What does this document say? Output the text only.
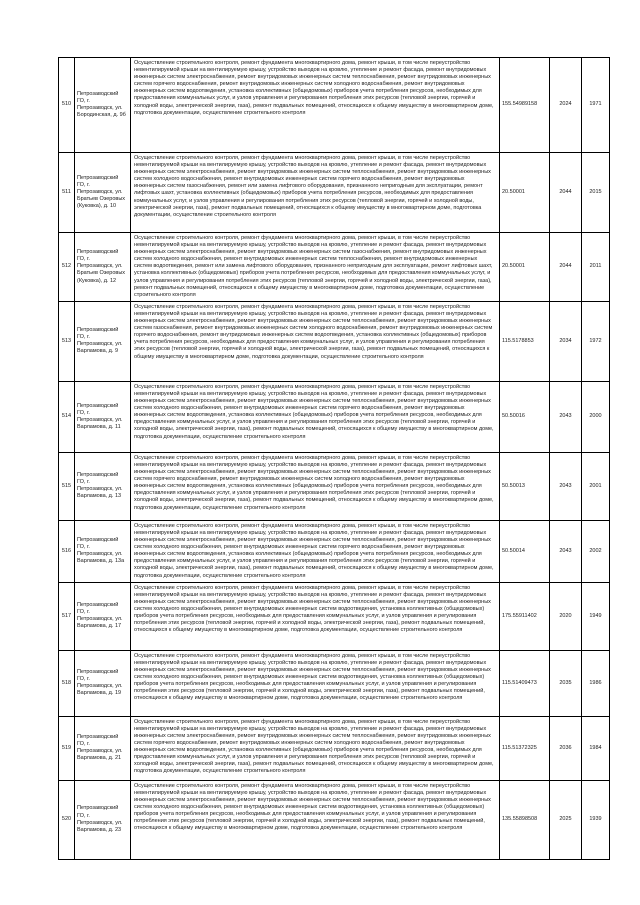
510	Петрозаводский ГО, г. Петрозаводск, ул. Бородинская, д. 9б	Осуществление строительного контроля, ремонт фундамента многоквартирного дома, ремонт крыши, в том числе переустройство невентилируемой крыши на вентилируемую крышу, устройство выходов на кровлю, утепление и ремонт фасада, ремонт внутридомовых инженерных систем электроснабжения, ремонт внутридомовых инженерных систем теплоснабжения, ремонт внутридомовых инженерных систем горячего водоснабжения, ремонт внутридомовых инженерных систем холодного водоснабжения, ремонт внутридомовых инженерных систем водоотведения, установка коллективных (общедомовых) приборов учета потребления ресурсов, необходимых для предоставления коммунальных услуг, и узлов управления и регулирования потребления этих ресурсов (тепловой энергии, горячей и холодной воды, электрической энергии, газа), ремонт подвальных помещений, относящихся к общему имуществу в многоквартирном доме, подготовка документации, осуществление строительного контроля	155.54989158	2024	1971
511	Петрозаводский ГО, г. Петрозаводск, ул. Братьев Озеровых (Куковка), д. 10	Осуществление строительного контроля, ремонт фундамента многоквартирного дома, ремонт крыши, в том числе переустройство невентилируемой крыши на вентилируемую крышу, устройство выходов на кровлю, утепление и ремонт фасада, ремонт внутридомовых инженерных систем электроснабжения, ремонт внутридомовых инженерных систем теплоснабжения, ремонт внутридомовых инженерных систем холодного водоснабжения, ремонт внутридомовых инженерных систем горячего водоснабжения, ремонт внутридомовых инженерных систем газоснабжения, ремонт или замена лифтового оборудования, признанного непригодным для эксплуатации, ремонт лифтовых шахт, установка коллективных (общедомовых) приборов учета потребления ресурсов, необходимых для предоставления коммунальных услуг, и узлов управления и регулирования потребления этих ресурсов (тепловой энергии, горячей и холодной воды, электрической энергии, газа), ремонт подвальных помещений, относящихся к общему имуществу в многоквартирном доме, подготовка документации, осуществление строительного контроля	20.50001	2044	2015
512	Петрозаводский ГО, г. Петрозаводск, ул. Братьев Озеровых (Куковка), д. 12	Осуществление строительного контроля, ремонт фундамента многоквартирного дома, ремонт крыши, в том числе переустройство невентилируемой крыши на вентилируемую крышу, устройство выходов на кровлю, утепление и ремонт фасада, ремонт внутридомовых инженерных систем электроснабжения, ремонт внутридомовых инженерных систем газоснабжения, ремонт внутридомовых инженерных систем холодного водоснабжения, ремонт внутридомовых инженерных систем теплоснабжения, ремонт внутридомовых инженерных систем водоотведения, ремонт или замена лифтового оборудования, признанного непригодным для эксплуатации, ремонт лифтовых шахт, установка коллективных (общедомовых) приборов учета потребления ресурсов, необходимых для предоставления коммунальных услуг, и узлов управления и регулирования потребления этих ресурсов (тепловой энергии, горячей и холодной воды, электрической энергии, газа), ремонт подвальных помещений, относящихся к общему имуществу в многоквартирном доме, подготовка документации, осуществление строительного контроля	20.50001	2044	2011
513	Петрозаводский ГО, г. Петрозаводск, ул. Варламова, д. 9	Осуществление строительного контроля, ремонт фундамента многоквартирного дома, ремонт крыши, в том числе переустройство невентилируемой крыши на вентилируемую крышу, устройство выходов на кровлю, утепление и ремонт фасада, ремонт внутридомовых инженерных систем электроснабжения, ремонт внутридомовых инженерных систем теплоснабжения, ремонт внутридомовых инженерных систем газоснабжения, ремонт внутридомовых инженерных систем холодного водоснабжения, ремонт внутридомовых инженерных систем горячего водоснабжения, ремонт внутридомовых инженерных систем водоотведения, установка коллективных (общедомовых) приборов учета потребления ресурсов, необходимых для предоставления коммунальных услуг, и узлов управления и регулирования потребления этих ресурсов (тепловой энергии, горячей и холодной воды, электрической энергии, газа), ремонт подвальных помещений, относящихся к общему имуществу в многоквартирном доме, подготовка документации, осуществление строительного контроля	115.5178853	2034	1972
514	Петрозаводский ГО, г. Петрозаводск, ул. Варламова, д. 11	Осуществление строительного контроля, ремонт фундамента многоквартирного дома, ремонт крыши, в том числе переустройство невентилируемой крыши на вентилируемую крышу, устройство выходов на кровлю, утепление и ремонт фасада, ремонт внутридомовых инженерных систем электроснабжения, ремонт внутридомовых инженерных систем теплоснабжения, ремонт внутридомовых инженерных систем холодного водоснабжения, ремонт внутридомовых инженерных систем горячего водоснабжения, ремонт внутридомовых инженерных систем водоотведения, установка коллективных (общедомовых) приборов учета потребления ресурсов, необходимых для предоставления коммунальных услуг, и узлов управления и регулирования потребления этих ресурсов (тепловой энергии, горячей и холодной воды, электрической энергии, газа), ремонт подвальных помещений, относящихся к общему имуществу в многоквартирном доме, подготовка документации, осуществление строительного контроля	50.50016	2043	2000
515	Петрозаводский ГО, г. Петрозаводск, ул. Варламова, д. 13	Осуществление строительного контроля, ремонт фундамента многоквартирного дома, ремонт крыши, в том числе переустройство невентилируемой крыши на вентилируемую крышу, устройство выходов на кровлю, утепление и ремонт фасада, ремонт внутридомовых инженерных систем электроснабжения, ремонт внутридомовых инженерных систем теплоснабжения, ремонт внутридомовых инженерных систем горячего водоснабжения, ремонт внутридомовых инженерных систем холодного водоснабжения, ремонт внутридомовых инженерных систем водоотведения, установка коллективных (общедомовых) приборов учета потребления ресурсов, необходимых для предоставления коммунальных услуг, и узлов управления и регулирования потребления этих ресурсов (тепловой энергии, горячей и холодной воды, электрической энергии, газа), ремонт подвальных помещений, относящихся к общему имуществу в многоквартирном доме, подготовка документации, осуществление строительного контроля	50.50013	2043	2001
516	Петрозаводский ГО, г. Петрозаводск, ул. Варламова, д. 13а	Осуществление строительного контроля, ремонт фундамента многоквартирного дома, ремонт крыши, в том числе переустройство невентилируемой крыши на вентилируемую крышу, устройство выходов на кровлю, утепление и ремонт фасада, ремонт внутридомовых инженерных систем электроснабжения, ремонт внутридомовых инженерных систем теплоснабжения, ремонт внутридомовых инженерных систем холодного водоснабжения, ремонт внутридомовых инженерных систем горячего водоснабжения, ремонт внутридомовых инженерных систем водоотведения, установка коллективных (общедомовых) приборов учета потребления ресурсов, необходимых для предоставления коммунальных услуг, и узлов управления и регулирования потребления этих ресурсов (тепловой энергии, горячей и холодной воды, электрической энергии, газа), ремонт подвальных помещений, относящихся к общему имуществу в многоквартирном доме, подготовка документации, осуществление строительного контроля	50.50014	2043	2002
517	Петрозаводский ГО, г. Петрозаводск, ул. Варламова, д. 17	Осуществление строительного контроля, ремонт фундамента многоквартирного дома, ремонт крыши, в том числе переустройство невентилируемой крыши на вентилируемую крышу, устройство выходов на кровлю, утепление и ремонт фасада, ремонт внутридомовых инженерных систем электроснабжения, ремонт внутридомовых инженерных систем теплоснабжения, ремонт внутридомовых инженерных систем холодного водоснабжения, ремонт внутридомовых инженерных систем водоотведения, установка коллективных (общедомовых) приборов учета потребления ресурсов, необходимых для предоставления коммунальных услуг, и узлов управления и регулирования потребления этих ресурсов (тепловой энергии, горячей и холодной воды, электрической энергии, газа), ремонт подвальных помещений, относящихся к общему имуществу в многоквартирном доме, подготовка документации, осуществление строительного контроля	175.55911402	2020	1949
518	Петрозаводский ГО, г. Петрозаводск, ул. Варламова, д. 19	Осуществление строительного контроля, ремонт фундамента многоквартирного дома, ремонт крыши, в том числе переустройство невентилируемой крыши на вентилируемую крышу, устройство выходов на кровлю, утепление и ремонт фасада, ремонт внутридомовых инженерных систем электроснабжения, ремонт внутридомовых инженерных систем теплоснабжения, ремонт внутридомовых инженерных систем холодного водоснабжения, ремонт внутридомовых инженерных систем водоотведения, установка коллективных (общедомовых) приборов учета потребления ресурсов, необходимых для предоставления коммунальных услуг, и узлов управления и регулирования потребления этих ресурсов (тепловой энергии, горячей и холодной воды, электрической энергии, газа), ремонт подвальных помещений, относящихся к общему имуществу в многоквартирном доме, подготовка документации, осуществление строительного контроля	115.51409473	2035	1986
519	Петрозаводский ГО, г. Петрозаводск, ул. Варламова, д. 21	Осуществление строительного контроля, ремонт фундамента многоквартирного дома, ремонт крыши, в том числе переустройство невентилируемой крыши на вентилируемую крышу, устройство выходов на кровлю, утепление и ремонт фасада, ремонт внутридомовых инженерных систем электроснабжения, ремонт внутридомовых инженерных систем теплоснабжения, ремонт внутридомовых инженерных систем горячего водоснабжения, ремонт внутридомовых инженерных систем холодного водоснабжения, ремонт внутридомовых инженерных систем водоотведения, установка коллективных (общедомовых) приборов учета потребления ресурсов, необходимых для предоставления коммунальных услуг, и узлов управления и регулирования потребления этих ресурсов (тепловой энергии, горячей и холодной воды, электрической энергии, газа), ремонт подвальных помещений, относящихся к общему имуществу в многоквартирном доме, подготовка документации, осуществление строительного контроля	115.51372325	2036	1984
520	Петрозаводский ГО, г. Петрозаводск, ул. Варламова, д. 23	Осуществление строительного контроля, ремонт фундамента многоквартирного дома, ремонт крыши, в том числе переустройство невентилируемой крыши на вентилируемую крышу, устройство выходов на кровлю, утепление и ремонт фасада, ремонт внутридомовых инженерных систем электроснабжения, ремонт внутридомовых инженерных систем теплоснабжения, ремонт внутридомовых инженерных систем холодного водоснабжения, ремонт внутридомовых инженерных систем водоотведения, установка коллективных (общедомовых) приборов учета потребления ресурсов, необходимых для предоставления коммунальных услуг, и узлов управления и регулирования потребления этих ресурсов (тепловой энергии, горячей и холодной воды, электрической энергии, газа), ремонт подвальных помещений, относящихся к общему имуществу в многоквартирном доме, подготовка документации, осуществление строительного контроля	135.55898508	2025	1939
